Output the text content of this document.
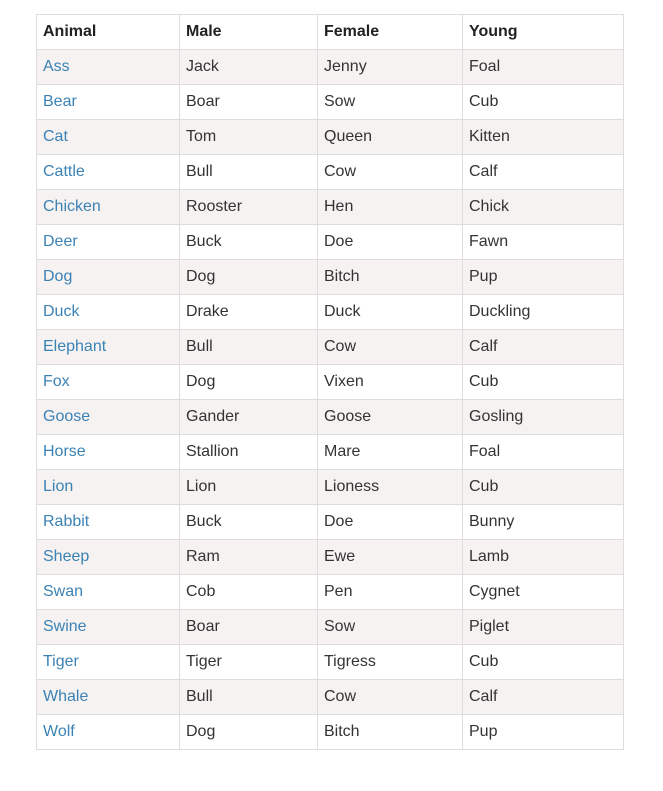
Animal	Male	Female	Young
Ass	Jack	Jenny	Foal
Bear	Boar	Sow	Cub
Cat	Tom	Queen	Kitten
Cattle	Bull	Cow	Calf
Chicken	Rooster	Hen	Chick
Deer	Buck	Doe	Fawn
Dog	Dog	Bitch	Pup
Duck	Drake	Duck	Duckling
Elephant	Bull	Cow	Calf
Fox	Dog	Vixen	Cub
Goose	Gander	Goose	Gosling
Horse	Stallion	Mare	Foal
Lion	Lion	Lioness	Cub
Rabbit	Buck	Doe	Bunny
Sheep	Ram	Ewe	Lamb
Swan	Cob	Pen	Cygnet
Swine	Boar	Sow	Piglet
Tiger	Tiger	Tigress	Cub
Whale	Bull	Cow	Calf
Wolf	Dog	Bitch	Pup
